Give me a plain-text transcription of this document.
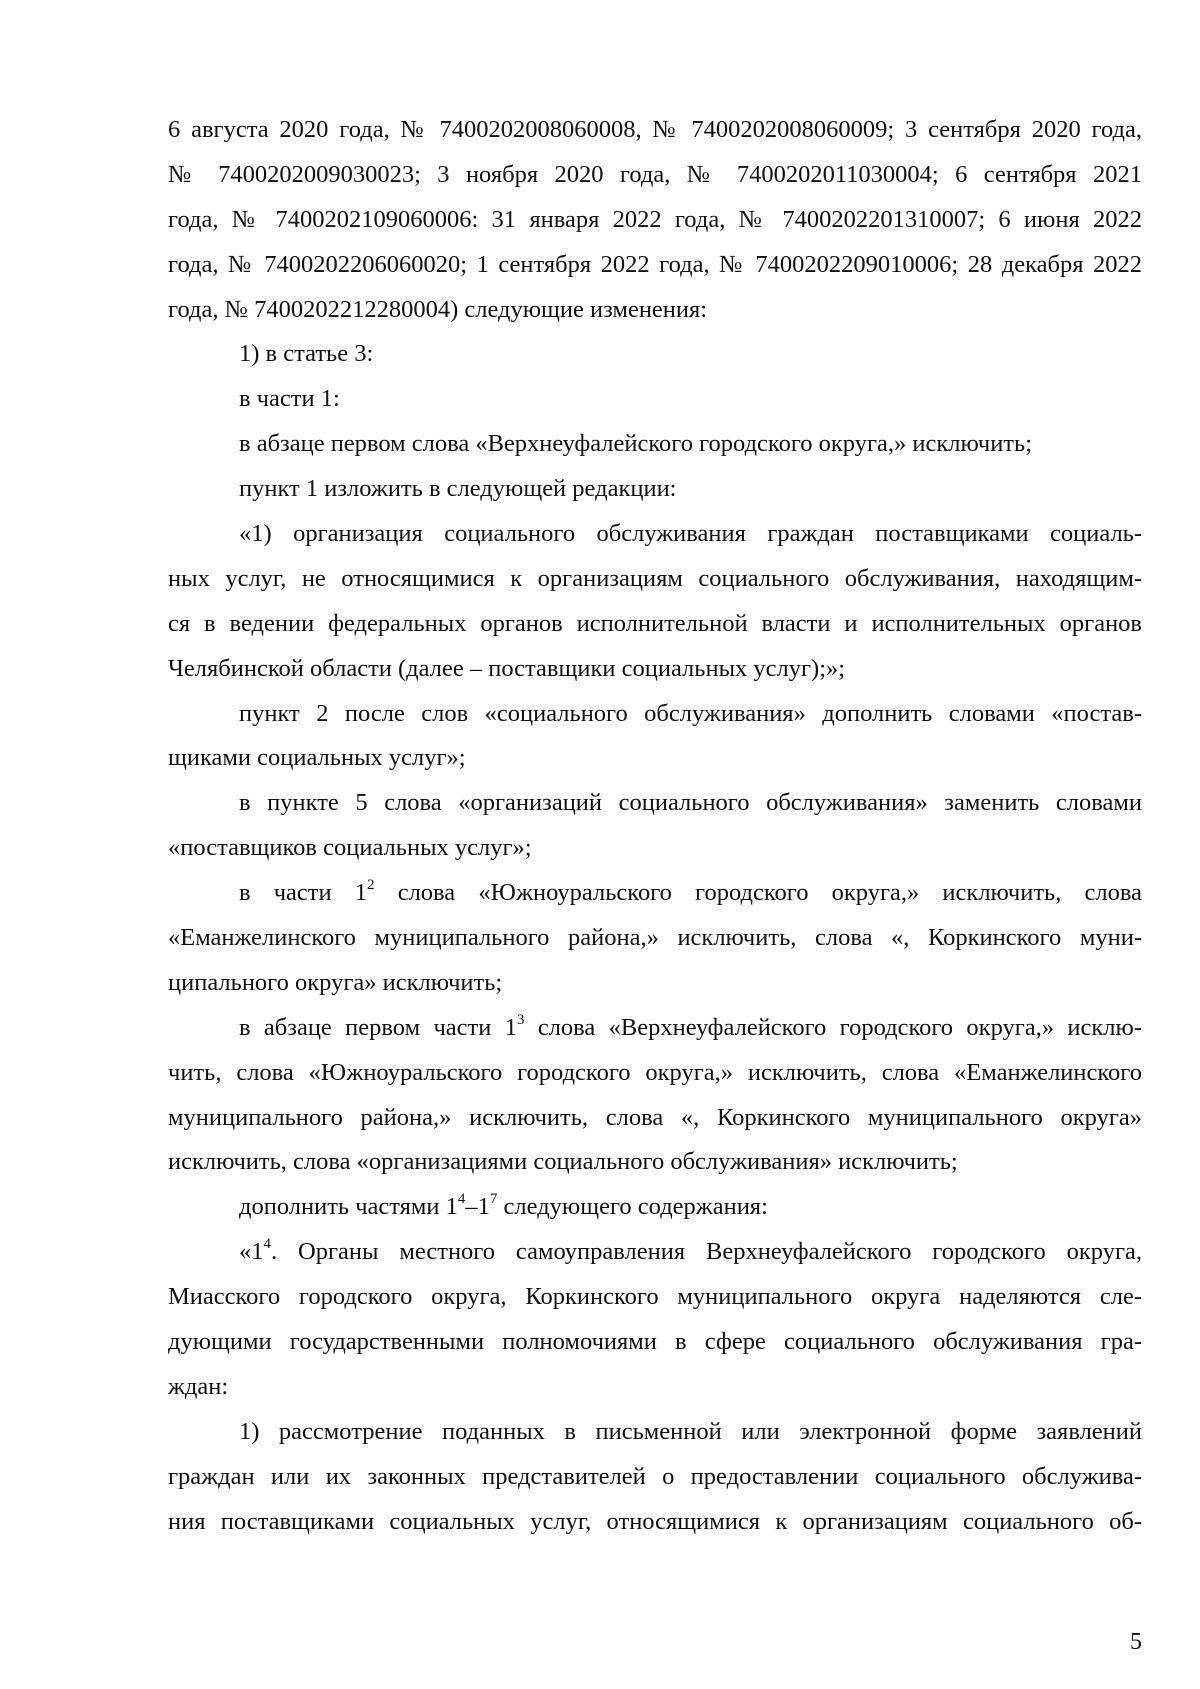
6 августа 2020 года, № 7400202008060008, № 7400202008060009; 3 сентября 2020 года,
№ 7400202009030023; 3 ноября 2020 года, № 7400202011030004; 6 сентября 2021
года, № 7400202109060006: 31 января 2022 года, № 7400202201310007; 6 июня 2022
года, № 7400202206060020; 1 сентября 2022 года, № 7400202209010006; 28 декабря 2022
года, № 7400202212280004) следующие изменения:
1) в статье 3:
в части 1:
в абзаце первом слова «Верхнеуфалейского городского округа,» исключить;
пункт 1 изложить в следующей редакции:
«1) организация социального обслуживания граждан поставщиками социаль-
ных услуг, не относящимися к организациям социального обслуживания, находящим-
ся в ведении федеральных органов исполнительной власти и исполнительных органов
Челябинской области (далее – поставщики социальных услуг);»;
пункт 2 после слов «социального обслуживания» дополнить словами «постав-
щиками социальных услуг»;
в пункте 5 слова «организаций социального обслуживания» заменить словами
«поставщиков социальных услуг»;
в части $1^2$ слова «Южноуральского городского округа,» исключить, слова
«Еманжелинского муниципального района,» исключить, слова «, Коркинского муни-
ципального округа» исключить;
в абзаце первом части $1^3$ слова «Верхнеуфалейского городского округа,» исклю-
чить, слова «Южноуральского городского округа,» исключить, слова «Еманжелинского
муниципального района,» исключить, слова «, Коркинского муниципального округа»
исключить, слова «организациями социального обслуживания» исключить;
дополнить частями $1^4-1^7$ следующего содержания:
«$1^4$. Органы местного самоуправления Верхнеуфалейского городского округа,
Миасского городского округа, Коркинского муниципального округа наделяются сле-
дующими государственными полномочиями в сфере социального обслуживания гра-
ждан:
1) рассмотрение поданных в письменной или электронной форме заявлений
граждан или их законных представителей о предоставлении социального обслужива-
ния поставщиками социальных услуг, относящимися к организациям социального об-
5
